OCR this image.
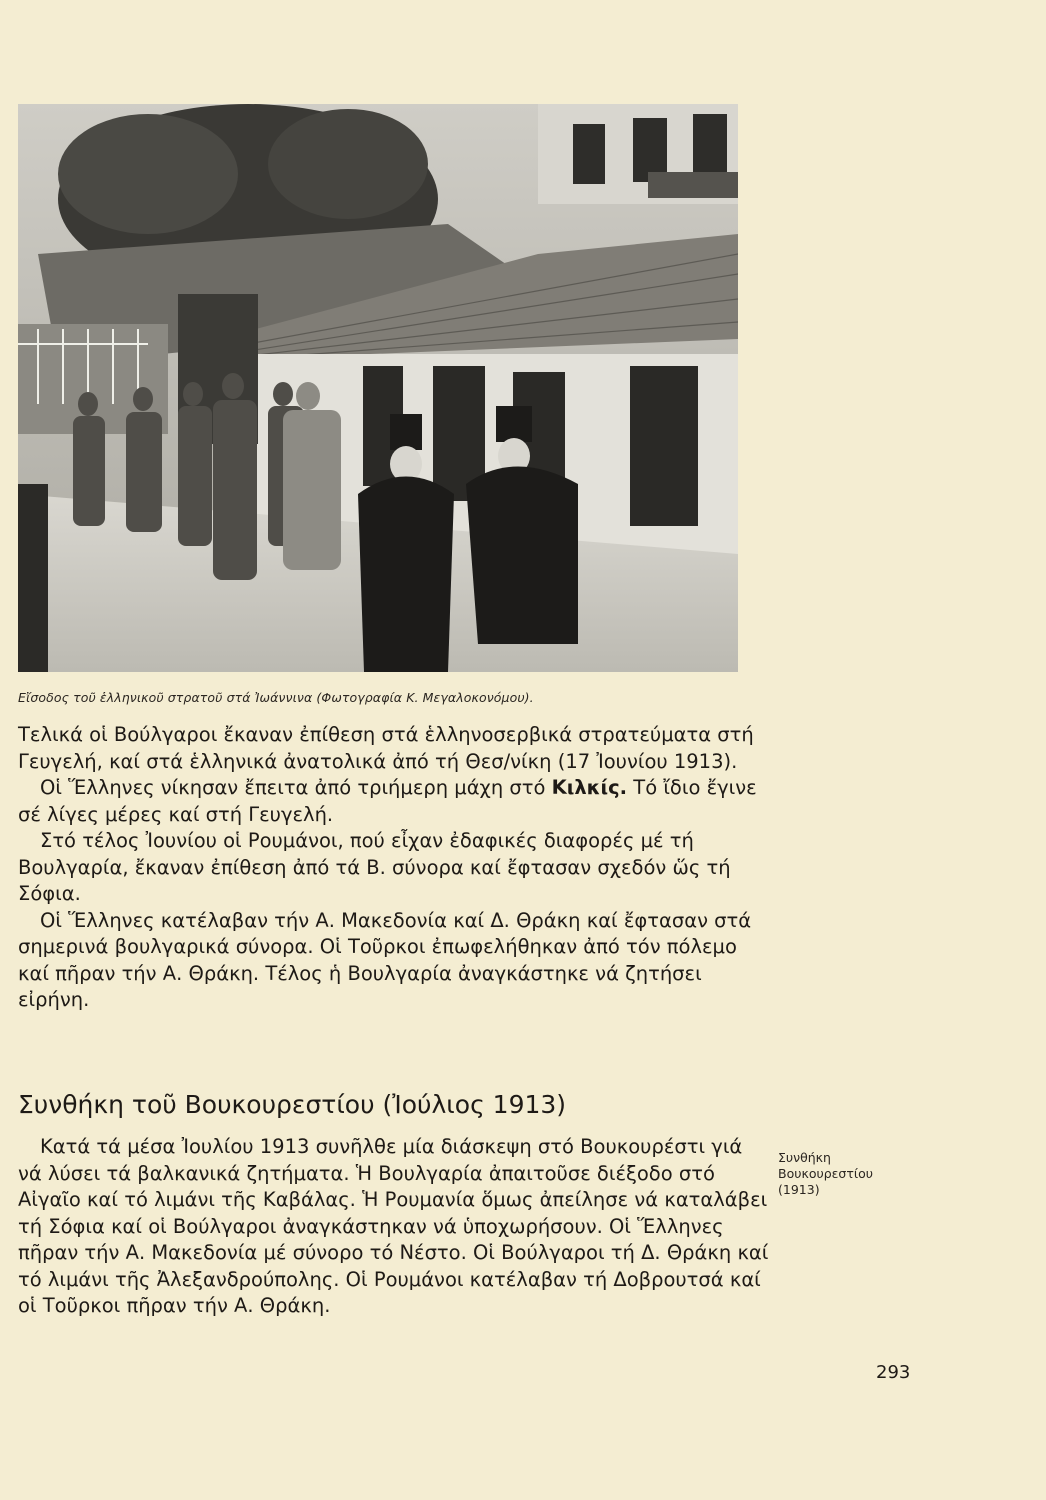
Εἴσοδος τοῦ ἑλληνικοῦ στρατοῦ στά Ἰωάννινα (Φωτογραφία Κ. Μεγαλοκονόμου).

Τελικά οἱ Βούλγαροι ἔκαναν ἐπίθεση στά ἑλληνοσερβικά στρατεύματα στή Γευγελή, καί στά ἑλληνικά ἀνατολικά ἀπό τή Θεσ/νίκη (17 Ἰουνίου 1913).

Οἱ Ἕλληνες νίκησαν ἔπειτα ἀπό τριήμερη μάχη στό Κιλκίς. Τό ἴδιο ἔγινε σέ λίγες μέρες καί στή Γευγελή.

Στό τέλος Ἰουνίου οἱ Ρουμάνοι, πού εἶχαν ἐδαφικές διαφορές μέ τή Βουλγαρία, ἔκαναν ἐπίθεση ἀπό τά Β. σύνορα καί ἔφτασαν σχεδόν ὥς τή Σόφια.

Οἱ Ἕλληνες κατέλαβαν τήν Α. Μακεδονία καί Δ. Θράκη καί ἔφτασαν στά σημερινά βουλγαρικά σύνορα. Οἱ Τοῦρκοι ἐπωφελήθηκαν ἀπό τόν πόλεμο καί πῆραν τήν Α. Θράκη. Τέλος ἡ Βουλγαρία ἀναγκάστηκε νά ζητήσει εἰρήνη.

Συνθήκη τοῦ Βουκουρεστίου (Ἰούλιος 1913)

Κατά τά μέσα Ἰουλίου 1913 συνῆλθε μία διάσκεψη στό Βουκουρέστι γιά νά λύσει τά βαλκανικά ζητήματα. Ἡ Βουλγαρία ἀπαιτοῦσε διέξοδο στό Αἰγαῖο καί τό λιμάνι τῆς Καβάλας. Ἡ Ρουμανία ὅμως ἀπείλησε νά καταλάβει τή Σόφια καί οἱ Βούλγαροι ἀναγκάστηκαν νά ὑποχωρήσουν. Οἱ Ἕλληνες πῆραν τήν Α. Μακεδονία μέ σύνορο τό Νέστο. Οἱ Βούλγαροι τή Δ. Θράκη καί τό λιμάνι τῆς Ἀλεξανδρούπολης. Οἱ Ρουμάνοι κατέλαβαν τή Δοβρουτσά καί οἱ Τοῦρκοι πῆραν τήν Α. Θράκη.

Συνθήκη
Βουκουρεστίου
(1913)
293
